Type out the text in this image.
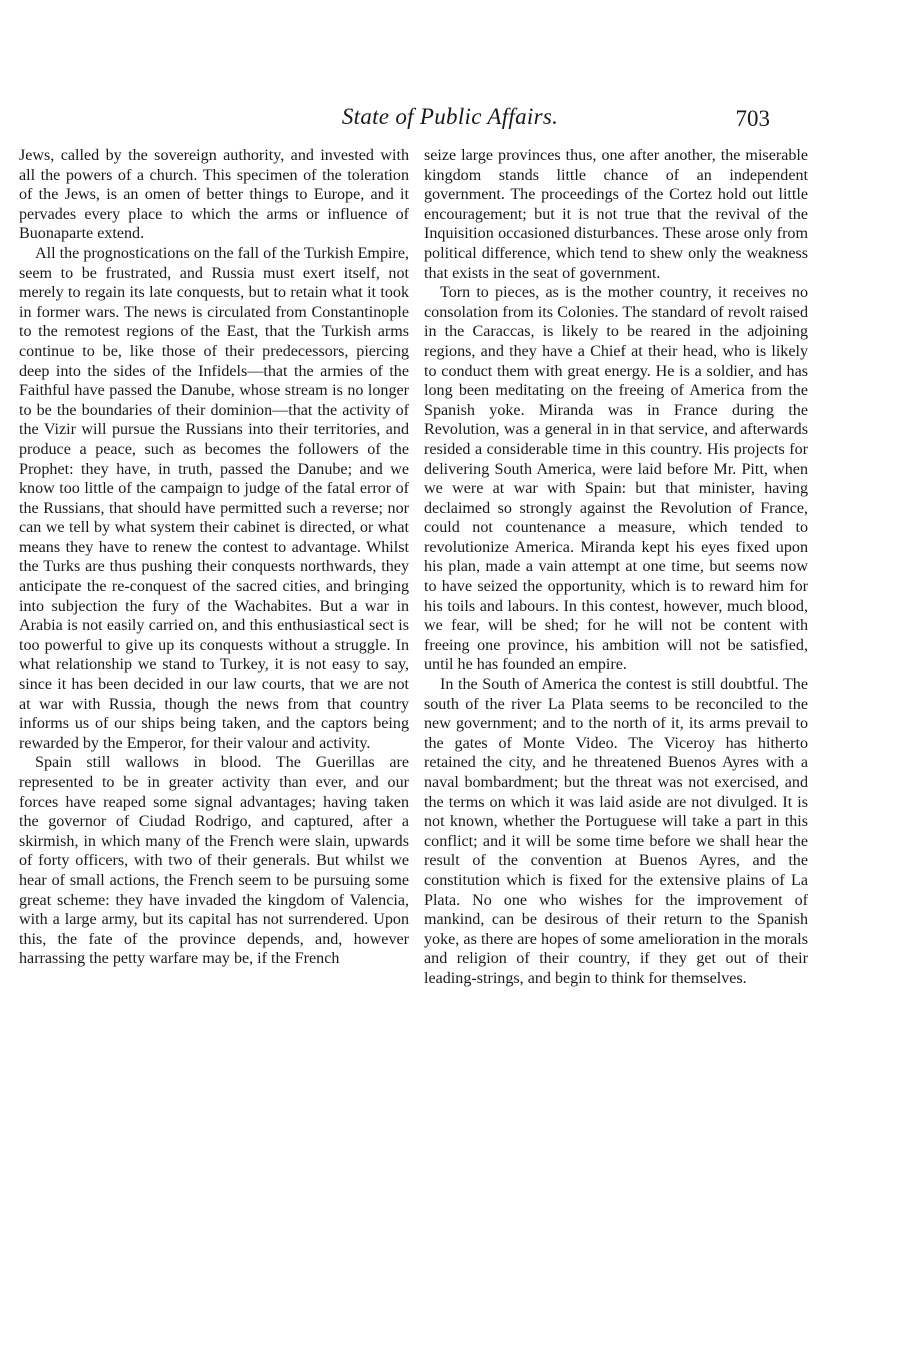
State of Public Affairs.	703

Jews, called by the sovereign authority, and invested with all the powers of a church. This specimen of the toleration of the Jews, is an omen of better things to Europe, and it pervades every place to which the arms or influence of Buonaparte extend.

All the prognostications on the fall of the Turkish Empire, seem to be frustrated, and Russia must exert itself, not merely to regain its late conquests, but to retain what it took in former wars. The news is circulated from Constantinople to the remotest regions of the East, that the Turkish arms continue to be, like those of their predecessors, piercing deep into the sides of the Infidels—that the armies of the Faithful have passed the Danube, whose stream is no longer to be the boundaries of their dominion—that the activity of the Vizir will pursue the Russians into their territories, and produce a peace, such as becomes the followers of the Prophet: they have, in truth, passed the Danube; and we know too little of the campaign to judge of the fatal error of the Russians, that should have permitted such a reverse; nor can we tell by what system their cabinet is directed, or what means they have to renew the contest to advantage. Whilst the Turks are thus pushing their conquests northwards, they anticipate the re-conquest of the sacred cities, and bringing into subjection the fury of the Wachabites. But a war in Arabia is not easily carried on, and this enthusiastical sect is too powerful to give up its conquests without a struggle. In what relationship we stand to Turkey, it is not easy to say, since it has been decided in our law courts, that we are not at war with Russia, though the news from that country informs us of our ships being taken, and the captors being rewarded by the Emperor, for their valour and activity.

Spain still wallows in blood. The Guerillas are represented to be in greater activity than ever, and our forces have reaped some signal advantages; having taken the governor of Ciudad Rodrigo, and captured, after a skirmish, in which many of the French were slain, upwards of forty officers, with two of their generals. But whilst we hear of small actions, the French seem to be pursuing some great scheme: they have invaded the kingdom of Valencia, with a large army, but its capital has not surrendered. Upon this, the fate of the province depends, and, however harrassing the petty warfare may be, if the French

seize large provinces thus, one after another, the miserable kingdom stands little chance of an independent government. The proceedings of the Cortez hold out little encouragement; but it is not true that the revival of the Inquisition occasioned disturbances. These arose only from political difference, which tend to shew only the weakness that exists in the seat of government.

Torn to pieces, as is the mother country, it receives no consolation from its Colonies. The standard of revolt raised in the Caraccas, is likely to be reared in the adjoining regions, and they have a Chief at their head, who is likely to conduct them with great energy. He is a soldier, and has long been meditating on the freeing of America from the Spanish yoke. Miranda was in France during the Revolution, was a general in in that service, and afterwards resided a considerable time in this country. His projects for delivering South America, were laid before Mr. Pitt, when we were at war with Spain: but that minister, having declaimed so strongly against the Revolution of France, could not countenance a measure, which tended to revolutionize America. Miranda kept his eyes fixed upon his plan, made a vain attempt at one time, but seems now to have seized the opportunity, which is to reward him for his toils and labours. In this contest, however, much blood, we fear, will be shed; for he will not be content with freeing one province, his ambition will not be satisfied, until he has founded an empire.

In the South of America the contest is still doubtful. The south of the river La Plata seems to be reconciled to the new government; and to the north of it, its arms prevail to the gates of Monte Video. The Viceroy has hitherto retained the city, and he threatened Buenos Ayres with a naval bombardment; but the threat was not exercised, and the terms on which it was laid aside are not divulged. It is not known, whether the Portuguese will take a part in this conflict; and it will be some time before we shall hear the result of the convention at Buenos Ayres, and the constitution which is fixed for the extensive plains of La Plata. No one who wishes for the improvement of mankind, can be desirous of their return to the Spanish yoke, as there are hopes of some amelioration in the morals and religion of their country, if they get out of their leading-strings, and begin to think for themselves.
